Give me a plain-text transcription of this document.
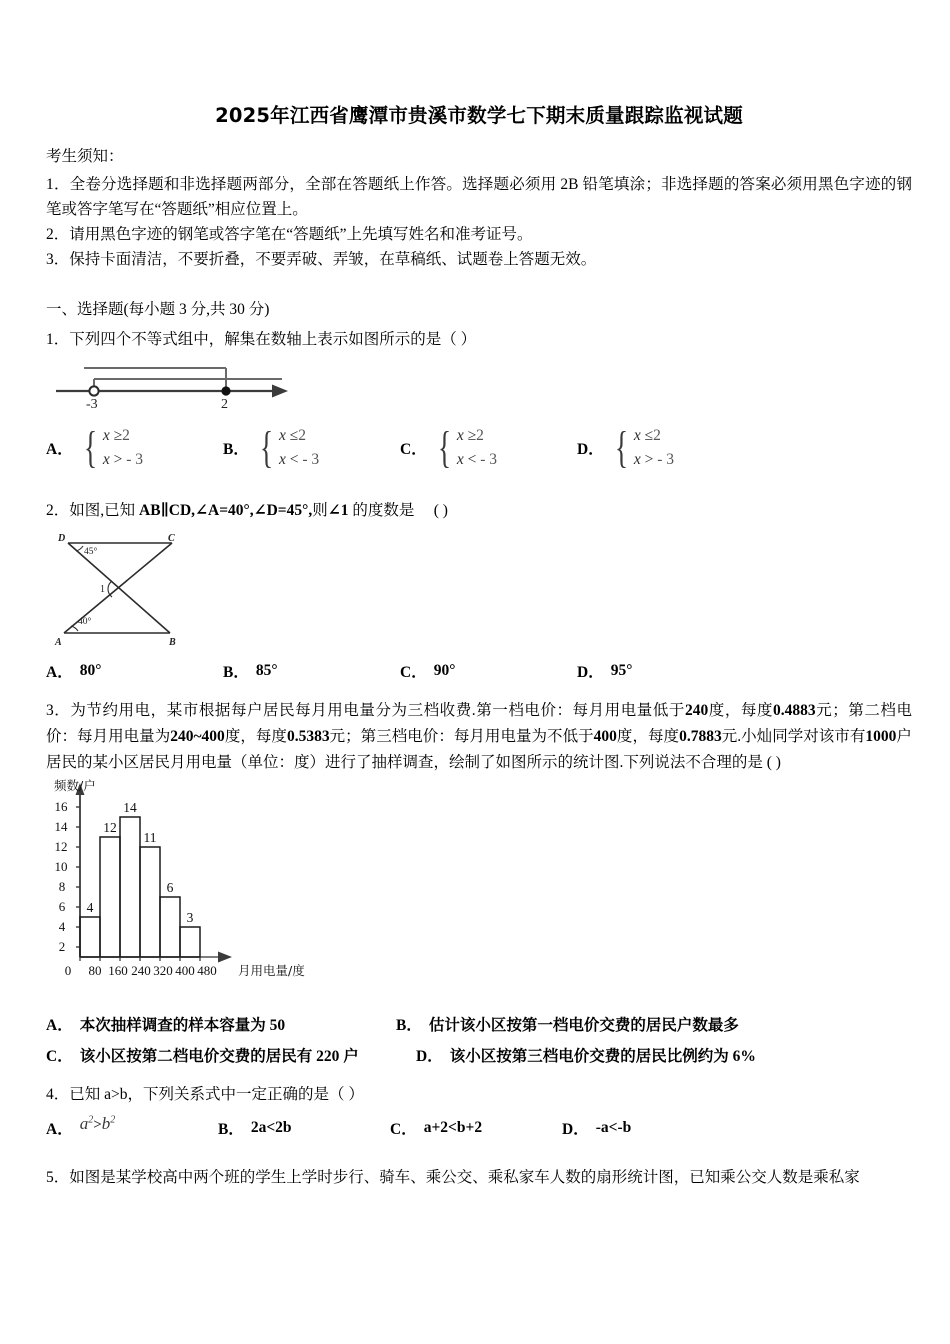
2025年江西省鹰潭市贵溪市数学七下期末质量跟踪监视试题
考生须知：
1．全卷分选择题和非选择题两部分，全部在答题纸上作答。选择题必须用 2B 铅笔填涂；非选择题的答案必须用黑色字迹的钢笔或答字笔写在“答题纸”相应位置上。
2．请用黑色字迹的钢笔或答字笔在“答题纸”上先填写姓名和准考证号。
3．保持卡面清洁，不要折叠，不要弄破、弄皱，在草稿纸、试题卷上答题无效。
一、选择题(每小题 3 分,共 30 分)
1．下列四个不等式组中，解集在数轴上表示如图所示的是（ ）
-3	2
A． { x ≥2
x > - 3
B． { x ≤2
x < - 3
C． { x ≥2
x < - 3
D． { x ≤2
x > - 3
2．如图,已知 AB∥CD,∠A=40°,∠D=45°,则∠1 的度数是 ( )
D	C
A	B
45°
40°
1
A． 80°	B． 85°	C． 90°	D． 95°
3．为节约用电，某市根据每户居民每月用电量分为三档收费.第一档电价：每月用电量低于240度，每度0.4883元；第二档电价：每月用电量为240~400度，每度0.5383元；第三档电价：每月用电量为不低于400度，每度0.7883元.小灿同学对该市有1000户居民的某小区居民月用电量（单位：度）进行了抽样调查，绘制了如图所示的统计图.下列说法不合理的是 ( )
2
4
6
8
10
12
14
16
4
12
14
11
6
3
0 80 160 240 320 400 480
频数/户
月用电量/度
A． 本次抽样调查的样本容量为 50	B． 估计该小区按第一档电价交费的居民户数最多
C． 该小区按第二档电价交费的居民有 220 户	D． 该小区按第三档电价交费的居民比例约为 6%
4．已知 a>b，下列关系式中一定正确的是（ ）
A． $a^2>b^2$
B． 2a<2b	C． a+2<b+2	D． -a<-b
5．如图是某学校高中两个班的学生上学时步行、骑车、乘公交、乘私家车人数的扇形统计图，已知乘公交人数是乘私家
